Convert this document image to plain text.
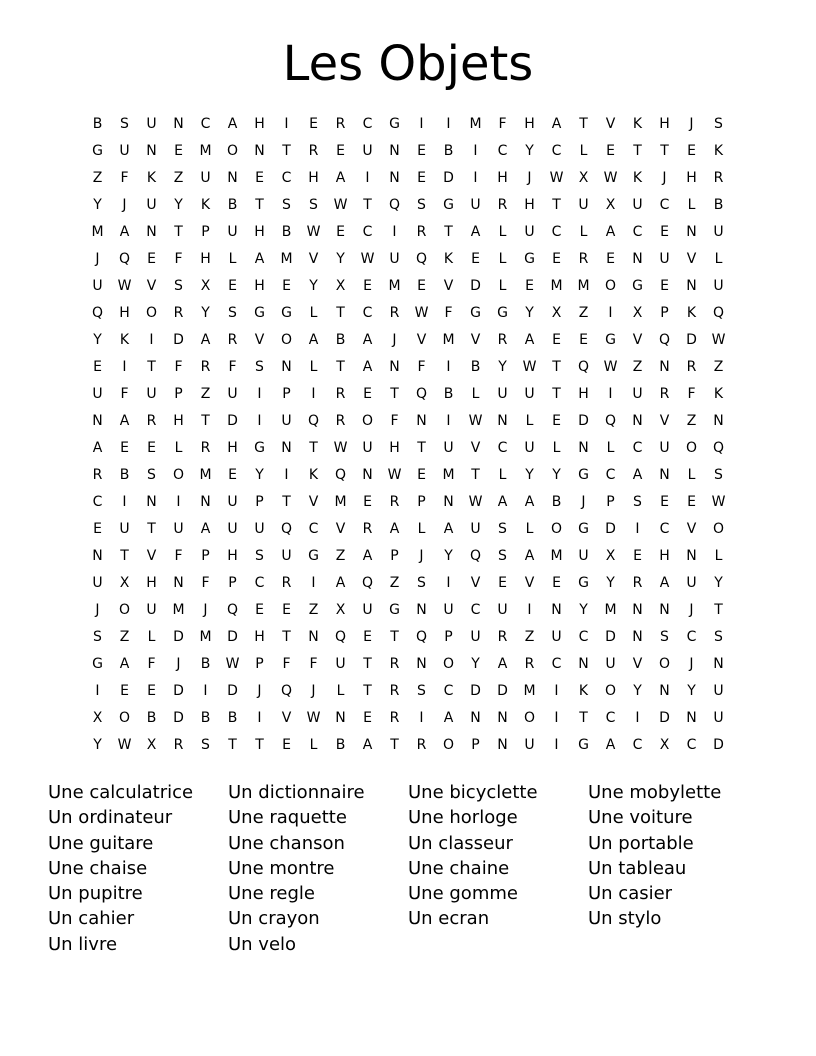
Les Objets
B	S	U	N	C	A	H	I	E	R	C	G	I	I	M	F	H	A	T	V	K	H	J	S
G	U	N	E	M	O	N	T	R	E	U	N	E	B	I	C	Y	C	L	E	T	T	E	K
Z	F	K	Z	U	N	E	C	H	A	I	N	E	D	I	H	J	W	X	W	K	J	H	R
Y	J	U	Y	K	B	T	S	S	W	T	Q	S	G	U	R	H	T	U	X	U	C	L	B
M	A	N	T	P	U	H	B	W	E	C	I	R	T	A	L	U	C	L	A	C	E	N	U
J	Q	E	F	H	L	A	M	V	Y	W	U	Q	K	E	L	G	E	R	E	N	U	V	L
U	W	V	S	X	E	H	E	Y	X	E	M	E	V	D	L	E	M	M	O	G	E	N	U
Q	H	O	R	Y	S	G	G	L	T	C	R	W	F	G	G	Y	X	Z	I	X	P	K	Q
Y	K	I	D	A	R	V	O	A	B	A	J	V	M	V	R	A	E	E	G	V	Q	D	W
E	I	T	F	R	F	S	N	L	T	A	N	F	I	B	Y	W	T	Q	W	Z	N	R	Z
U	F	U	P	Z	U	I	P	I	R	E	T	Q	B	L	U	U	T	H	I	U	R	F	K
N	A	R	H	T	D	I	U	Q	R	O	F	N	I	W	N	L	E	D	Q	N	V	Z	N
A	E	E	L	R	H	G	N	T	W	U	H	T	U	V	C	U	L	N	L	C	U	O	Q
R	B	S	O	M	E	Y	I	K	Q	N	W	E	M	T	L	Y	Y	G	C	A	N	L	S
C	I	N	I	N	U	P	T	V	M	E	R	P	N	W	A	A	B	J	P	S	E	E	W
E	U	T	U	A	U	U	Q	C	V	R	A	L	A	U	S	L	O	G	D	I	C	V	O
N	T	V	F	P	H	S	U	G	Z	A	P	J	Y	Q	S	A	M	U	X	E	H	N	L
U	X	H	N	F	P	C	R	I	A	Q	Z	S	I	V	E	V	E	G	Y	R	A	U	Y
J	O	U	M	J	Q	E	E	Z	X	U	G	N	U	C	U	I	N	Y	M	N	N	J	T
S	Z	L	D	M	D	H	T	N	Q	E	T	Q	P	U	R	Z	U	C	D	N	S	C	S
G	A	F	J	B	W	P	F	F	U	T	R	N	O	Y	A	R	C	N	U	V	O	J	N
I	E	E	D	I	D	J	Q	J	L	T	R	S	C	D	D	M	I	K	O	Y	N	Y	U
X	O	B	D	B	B	I	V	W	N	E	R	I	A	N	N	O	I	T	C	I	D	N	U
Y	W	X	R	S	T	T	E	L	B	A	T	R	O	P	N	U	I	G	A	C	X	C	D
Une calculatrice
Un ordinateur
Une guitare
Une chaise
Un pupitre
Un cahier
Un livre
Un dictionnaire
Une raquette
Une chanson
Une montre
Une regle
Un crayon
Un velo
Une bicyclette
Une horloge
Un classeur
Une chaine
Une gomme
Un ecran
Une mobylette
Une voiture
Un portable
Un tableau
Un casier
Un stylo
